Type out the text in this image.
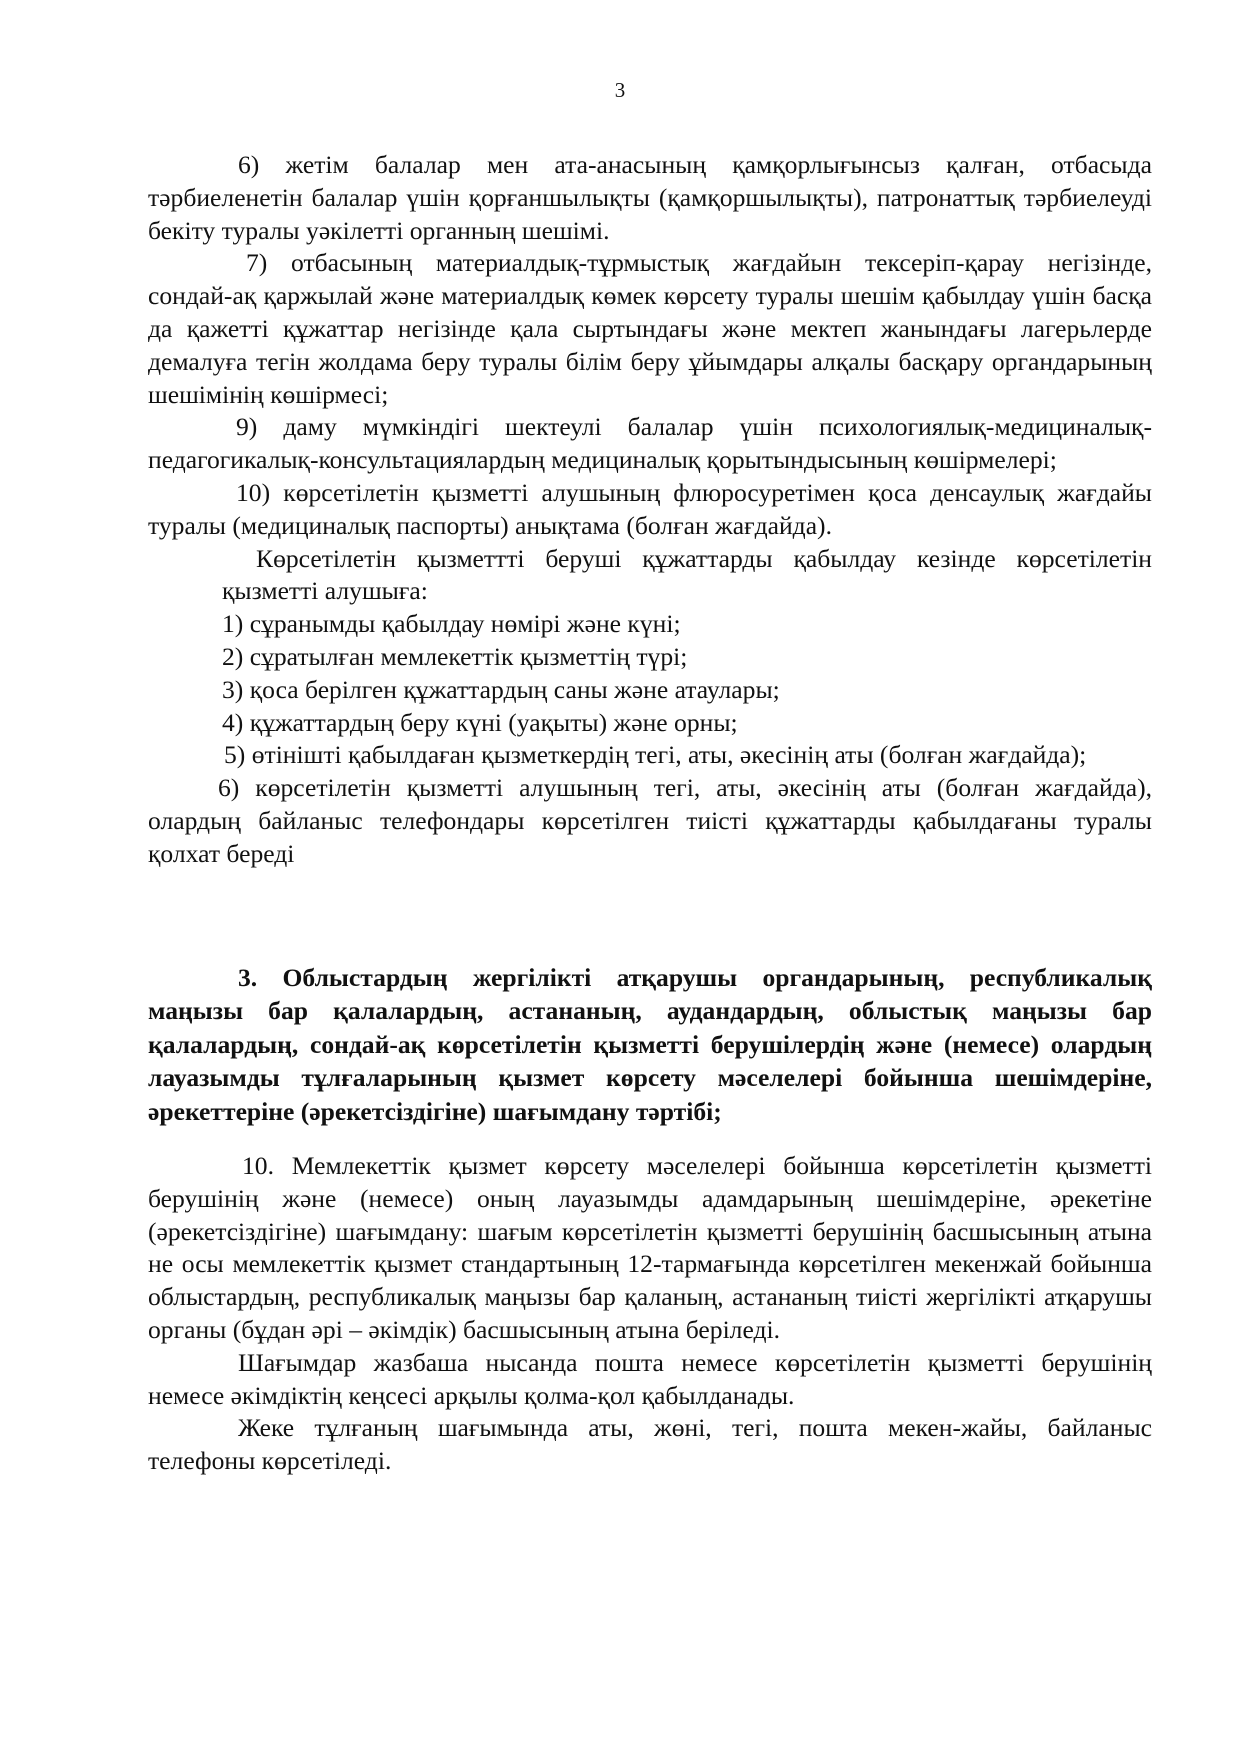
3

6) жетім балалар мен ата-анасының қамқорлығынсыз қалған, отбасыда тәрбиеленетін балалар үшін қорғаншылықты (қамқоршылықты), патронаттық тәрбиелеуді бекіту туралы уәкілетті органның шешімі.

7) отбасының материалдық-тұрмыстық жағдайын тексеріп-қарау негізінде, сондай-ақ қаржылай және материалдық көмек көрсету туралы шешім қабылдау үшін басқа да қажетті құжаттар негізінде қала сыртындағы және мектеп жанындағы лагерьлерде демалуға тегін жолдама беру туралы білім беру ұйымдары алқалы басқару органдарының шешімінің көшірмесі;

9) даму мүмкіндігі шектеулі балалар үшін психологиялық-медициналық-педагогикалық-консультациялардың медициналық қорытындысының көшірмелері;

10) көрсетілетін қызметті алушының флюросуретімен қоса денсаулық жағдайы туралы (медициналық паспорты) анықтама (болған жағдайда).

Көрсетілетін қызметтті беруші құжаттарды қабылдау кезінде көрсетілетін қызметті алушыға:

1) сұранымды қабылдау нөмірі және күні;

2) сұратылған мемлекеттік қызметтің түрі;

3) қоса берілген құжаттардың саны және атаулары;

4) құжаттардың беру күні (уақыты) және орны;

5) өтінішті қабылдаған қызметкердің тегі, аты, әкесінің аты (болған жағдайда);

6) көрсетілетін қызметті алушының тегі, аты, әкесінің аты (болған жағдайда), олардың байланыс телефондары көрсетілген тиісті құжаттарды қабылдағаны туралы қолхат береді

3. Облыстардың жергілікті атқарушы органдарының, республикалық маңызы бар қалалардың, астананың, аудандардың, облыстық маңызы бар қалалардың, сондай-ақ көрсетілетін қызметті берушілердің және (немесе) олардың лауазымды тұлғаларының қызмет көрсету мәселелері бойынша шешімдеріне, әрекеттеріне (әрекетсіздігіне) шағымдану тәртібі;

10. Мемлекеттік қызмет көрсету мәселелері бойынша көрсетілетін қызметті берушінің және (немесе) оның лауазымды адамдарының шешімдеріне, әрекетіне (әрекетсіздігіне) шағымдану: шағым көрсетілетін қызметті берушінің басшысының атына не осы мемлекеттік қызмет стандартының 12-тармағында көрсетілген мекенжай бойынша облыстардың, республикалық маңызы бар қаланың, астананың тиісті жергілікті атқарушы органы (бұдан әрі – әкімдік) басшысының атына беріледі.

Шағымдар жазбаша нысанда пошта немесе көрсетілетін қызметті берушінің немесе әкімдіктің кеңсесі арқылы қолма-қол қабылданады.

Жеке тұлғаның шағымында аты, жөні, тегі, пошта мекен-жайы, байланыс телефоны көрсетіледі.
